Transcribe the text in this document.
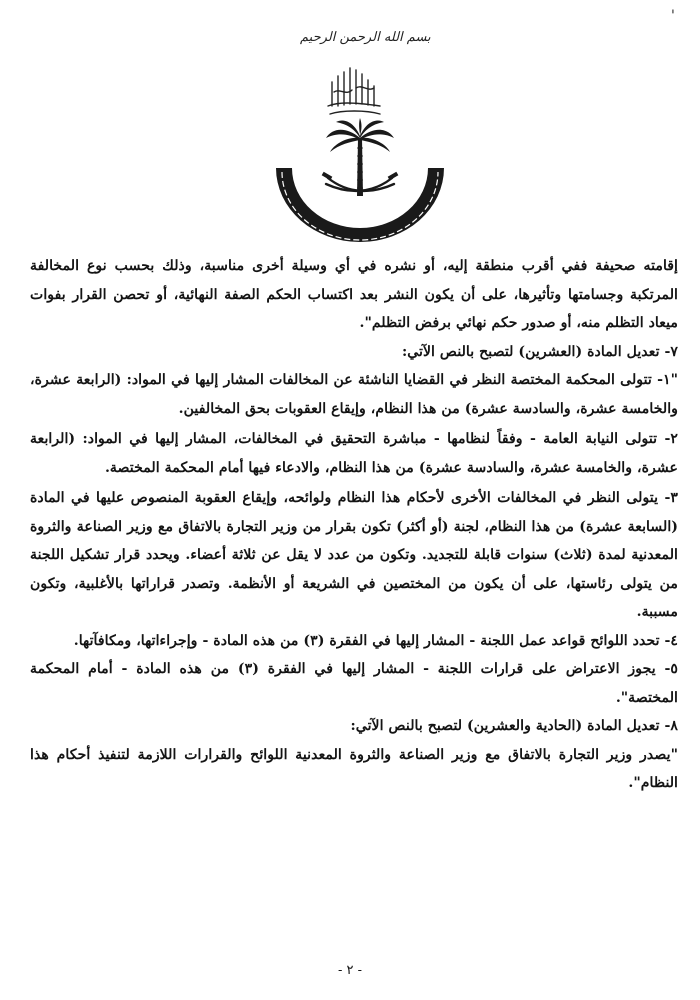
'
بسم الله الرحمن الرحيم

إقامته صحيفة ففي أقرب منطقة إليه، أو نشره في أي وسيلة أخرى مناسبة، وذلك بحسب نوع المخالفة المرتكبة وجسامتها وتأثيرها، على أن يكون النشر بعد اكتساب الحكم الصفة النهائية، أو تحصن القرار بفوات ميعاد التظلم منه، أو صدور حكم نهائي برفض التظلم".

٧- تعديل المادة (العشرين) لتصبح بالنص الآتي:

"١- تتولى المحكمة المختصة النظر في القضايا الناشئة عن المخالفات المشار إليها في المواد: (الرابعة عشرة، والخامسة عشرة، والسادسة عشرة) من هذا النظام، وإيقاع العقوبات بحق المخالفين.

٢- تتولى النيابة العامة - وفقاً لنظامها - مباشرة التحقيق في المخالفات، المشار إليها في المواد: (الرابعة عشرة، والخامسة عشرة، والسادسة عشرة) من هذا النظام، والادعاء فيها أمام المحكمة المختصة.

٣- يتولى النظر في المخالفات الأخرى لأحكام هذا النظام ولوائحه، وإيقاع العقوبة المنصوص عليها في المادة (السابعة عشرة) من هذا النظام، لجنة (أو أكثر) تكون بقرار من وزير التجارة بالاتفاق مع وزير الصناعة والثروة المعدنية لمدة (ثلاث) سنوات قابلة للتجديد. وتكون من عدد لا يقل عن ثلاثة أعضاء. ويحدد قرار تشكيل اللجنة من يتولى رئاستها، على أن يكون من المختصين في الشريعة أو الأنظمة. وتصدر قراراتها بالأغلبية، وتكون مسببة.

٤- تحدد اللوائح قواعد عمل اللجنة - المشار إليها في الفقرة (٣) من هذه المادة - وإجراءاتها، ومكافآتها.

٥- يجوز الاعتراض على قرارات اللجنة - المشار إليها في الفقرة (٣) من هذه المادة - أمام المحكمة المختصة".

٨- تعديل المادة (الحادية والعشرين) لتصبح بالنص الآتي:

"يصدر وزير التجارة بالاتفاق مع وزير الصناعة والثروة المعدنية اللوائح والقرارات اللازمة لتنفيذ أحكام هذا النظام".

- ٢ -
